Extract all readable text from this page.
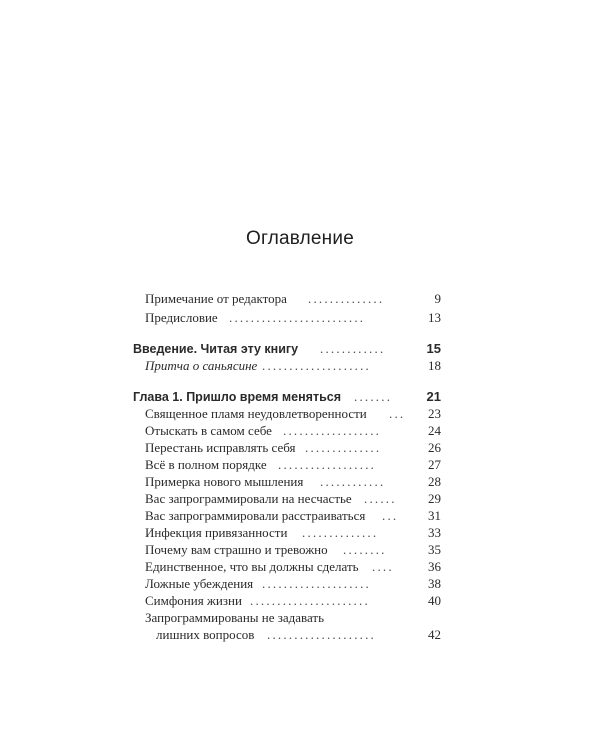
Оглавление
Примечание от редактора ..............	9
Предисловие .........................	13
Введение. Читая эту книгу ............	15
Притча о саньясине ....................	18
Глава 1. Пришло время меняться .......	21
Священное пламя неудовлетворенности ... 23
Отыскать в самом себе ..................	24
Перестань исправлять себя ..............	26
Всё в полном порядке ..................	27
Примерка нового мышления ............	28
Вас запрограммировали на несчастье ......	29
Вас запрограммировали расстраиваться ...	31
Инфекция привязанности ..............	33
Почему вам страшно и тревожно ........	35
Единственное, что вы должны сделать ....	36
Ложные убеждения ....................	38
Симфония жизни ......................	40
Запрограммированы не задавать
лишних вопросов ....................	42
